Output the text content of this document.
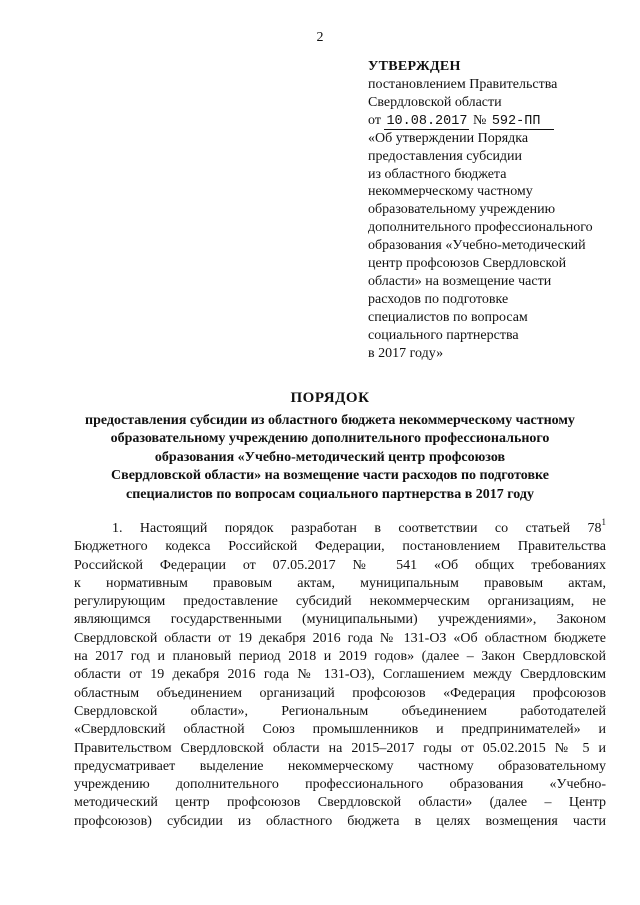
2
УТВЕРЖДЕН
постановлением Правительства
Свердловской области
от 10.08.2017 № 592-ПП
«Об утверждении Порядка
предоставления субсидии
из областного бюджета
некоммерческому частному
образовательному учреждению
дополнительного профессионального
образования «Учебно-методический
центр профсоюзов Свердловской
области» на возмещение части
расходов по подготовке
специалистов по вопросам
социального партнерства
в 2017 году»
ПОРЯДОК
предоставления субсидии из областного бюджета некоммерческому частному
образовательному учреждению дополнительного профессионального
образования «Учебно-методический центр профсоюзов
Свердловской области» на возмещение части расходов по подготовке
специалистов по вопросам социального партнерства в 2017 году
1. Настоящий порядок разработан в соответствии со статьей $78^1$
Бюджетного кодекса Российской Федерации, постановлением Правительства
Российской Федерации от 07.05.2017 № 541 «Об общих требованиях
к нормативным правовым актам, муниципальным правовым актам,
регулирующим предоставление субсидий некоммерческим организациям, не
являющимся государственными (муниципальными) учреждениями», Законом
Свердловской области от 19 декабря 2016 года № 131-ОЗ «Об областном бюджете
на 2017 год и плановый период 2018 и 2019 годов» (далее – Закон Свердловской
области от 19 декабря 2016 года № 131-ОЗ), Соглашением между Свердловским
областным объединением организаций профсоюзов «Федерация профсоюзов
Свердловской области», Региональным объединением работодателей
«Свердловский областной Союз промышленников и предпринимателей» и
Правительством Свердловской области на 2015–2017 годы от 05.02.2015 № 5 и
предусматривает выделение некоммерческому частному образовательному
учреждению дополнительного профессионального образования «Учебно-
методический центр профсоюзов Свердловской области» (далее – Центр
профсоюзов) субсидии из областного бюджета в целях возмещения части
